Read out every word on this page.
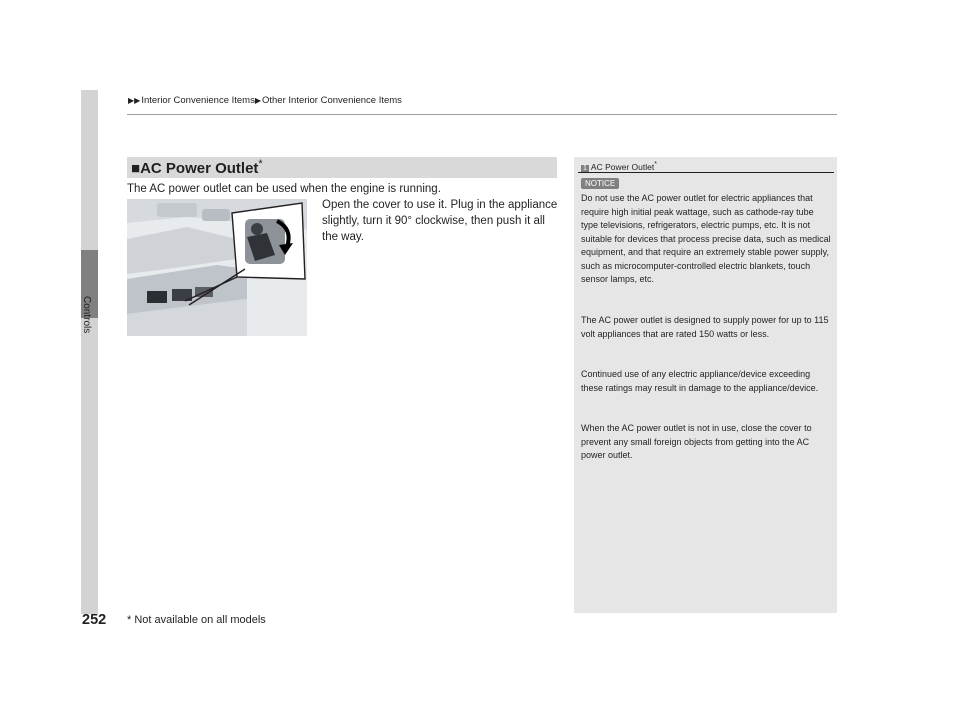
Controls
▶▶Interior Convenience Items▶Other Interior Convenience Items
■AC Power Outlet*
The AC power outlet can be used when the engine is running.
Open the cover to use it. Plug in the appliance slightly, turn it 90° clockwise, then push it all the way.
1 AC Power Outlet*
NOTICE
Do not use the AC power outlet for electric appliances that require high initial peak wattage, such as cathode-ray tube type televisions, refrigerators, electric pumps, etc. It is not suitable for devices that process precise data, such as medical equipment, and that require an extremely stable power supply, such as microcomputer-controlled electric blankets, touch sensor lamps, etc.
The AC power outlet is designed to supply power for up to 115 volt appliances that are rated 150 watts or less.
Continued use of any electric appliance/device exceeding these ratings may result in damage to the appliance/device.
When the AC power outlet is not in use, close the cover to prevent any small foreign objects from getting into the AC power outlet.
252 * Not available on all models
